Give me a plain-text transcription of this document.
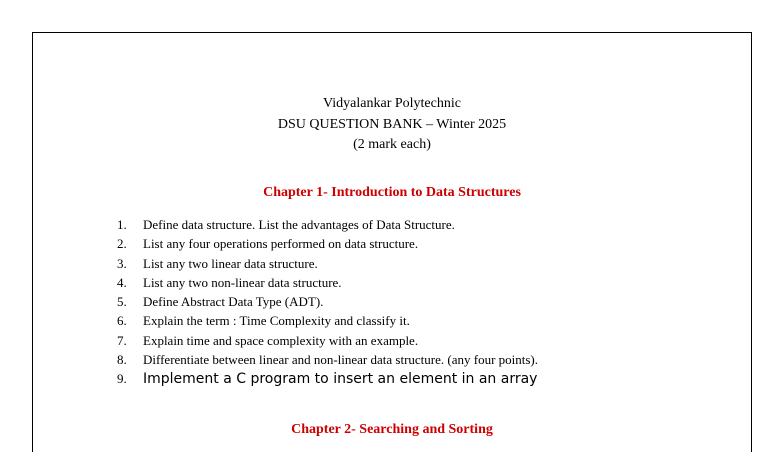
Vidyalankar Polytechnic
DSU QUESTION BANK – Winter 2025
(2 mark each)
Chapter 1- Introduction to Data Structures
1. Define data structure. List the advantages of Data Structure.
2. List any four operations performed on data structure.
3. List any two linear data structure.
4. List any two non-linear data structure.
5. Define Abstract Data Type (ADT).
6. Explain the term : Time Complexity and classify it.
7. Explain time and space complexity with an example.
8. Differentiate between linear and non-linear data structure. (any four points).
9. Implement a C program to insert an element in an array
Chapter 2- Searching and Sorting
